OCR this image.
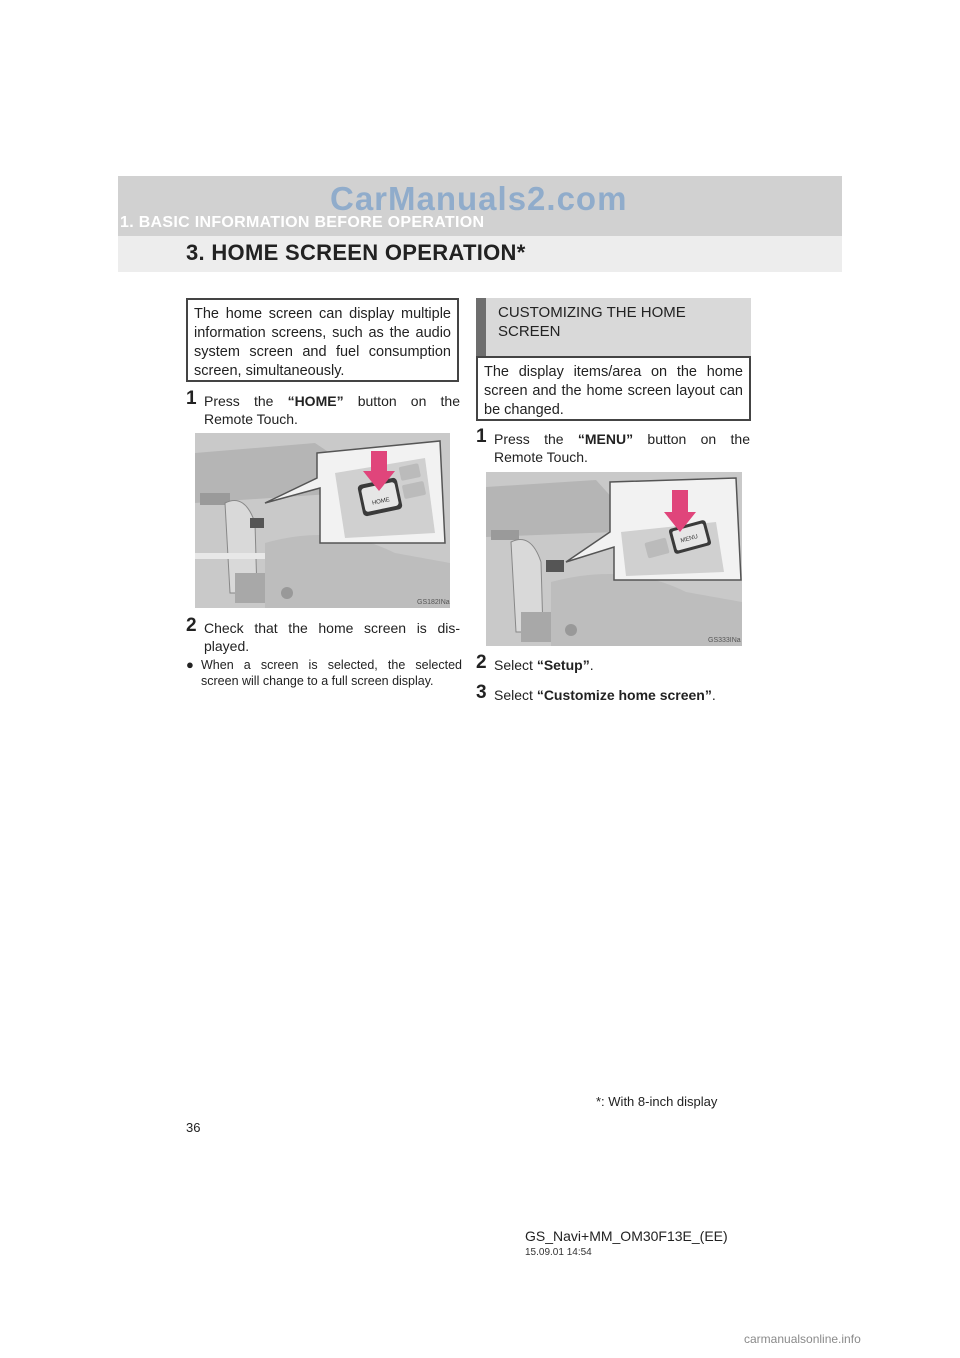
CarManuals2.com
1. BASIC INFORMATION BEFORE OPERATION
3. HOME SCREEN OPERATION*
The home screen can display multiple information screens, such as the audio system screen and fuel consumption screen, simultaneously.
1 Press the “HOME” button on the Remote Touch.
HOME
GS182INa
2 Check that the home screen is dis-played.
● When a screen is selected, the selected screen will change to a full screen display.
CUSTOMIZING THE HOME SCREEN
The display items/area on the home screen and the home screen layout can be changed.
1 Press the “MENU” button on the Remote Touch.
MENU
GS333INa
2 Select “Setup”.
3 Select “Customize home screen”.
*: With 8-inch display
36
GS_Navi+MM_OM30F13E_(EE)
15.09.01 14:54
carmanualsonline.info
